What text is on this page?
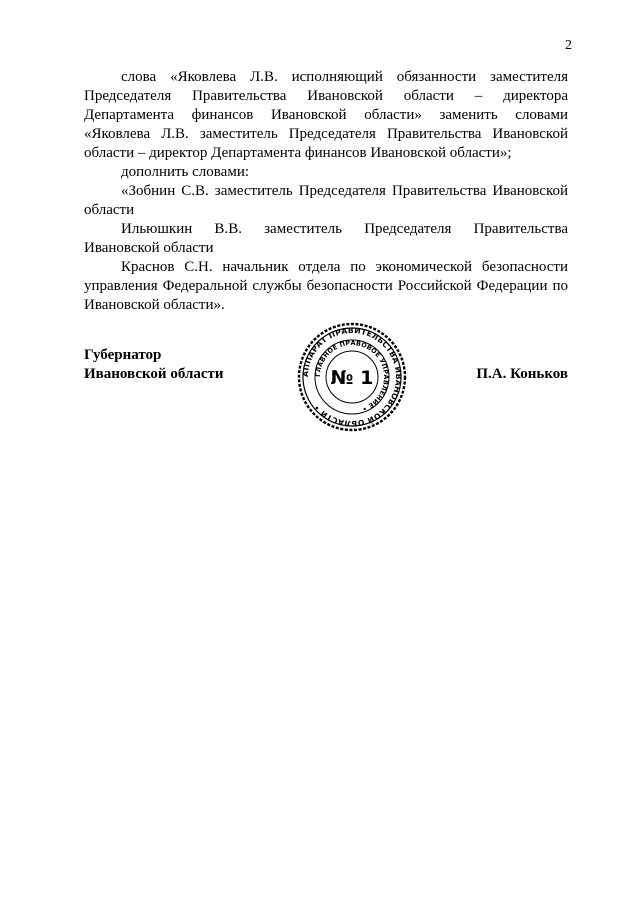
2

слова «Яковлева Л.В. исполняющий обязанности заместителя Председателя Правительства Ивановской области – директора Департамента финансов Ивановской области» заменить словами «Яковлева Л.В. заместитель Председателя Правительства Ивановской области – директор Департамента финансов Ивановской области»;

дополнить словами:

«Зобнин С.В. заместитель Председателя Правительства Ивановской области

Ильюшкин В.В. заместитель Председателя Правительства Ивановской области

Краснов С.Н. начальник отдела по экономической безопасности управления Федеральной службы безопасности Российской Федерации по Ивановской области».

Губернатор
Ивановской области	АППАРАТ ПРАВИТЕЛЬСТВА ИВАНОВСКОЙ ОБЛАСТИ •
ГЛАВНОЕ ПРАВОВОЕ УПРАВЛЕНИЕ •
№ 1	П.А. Коньков
